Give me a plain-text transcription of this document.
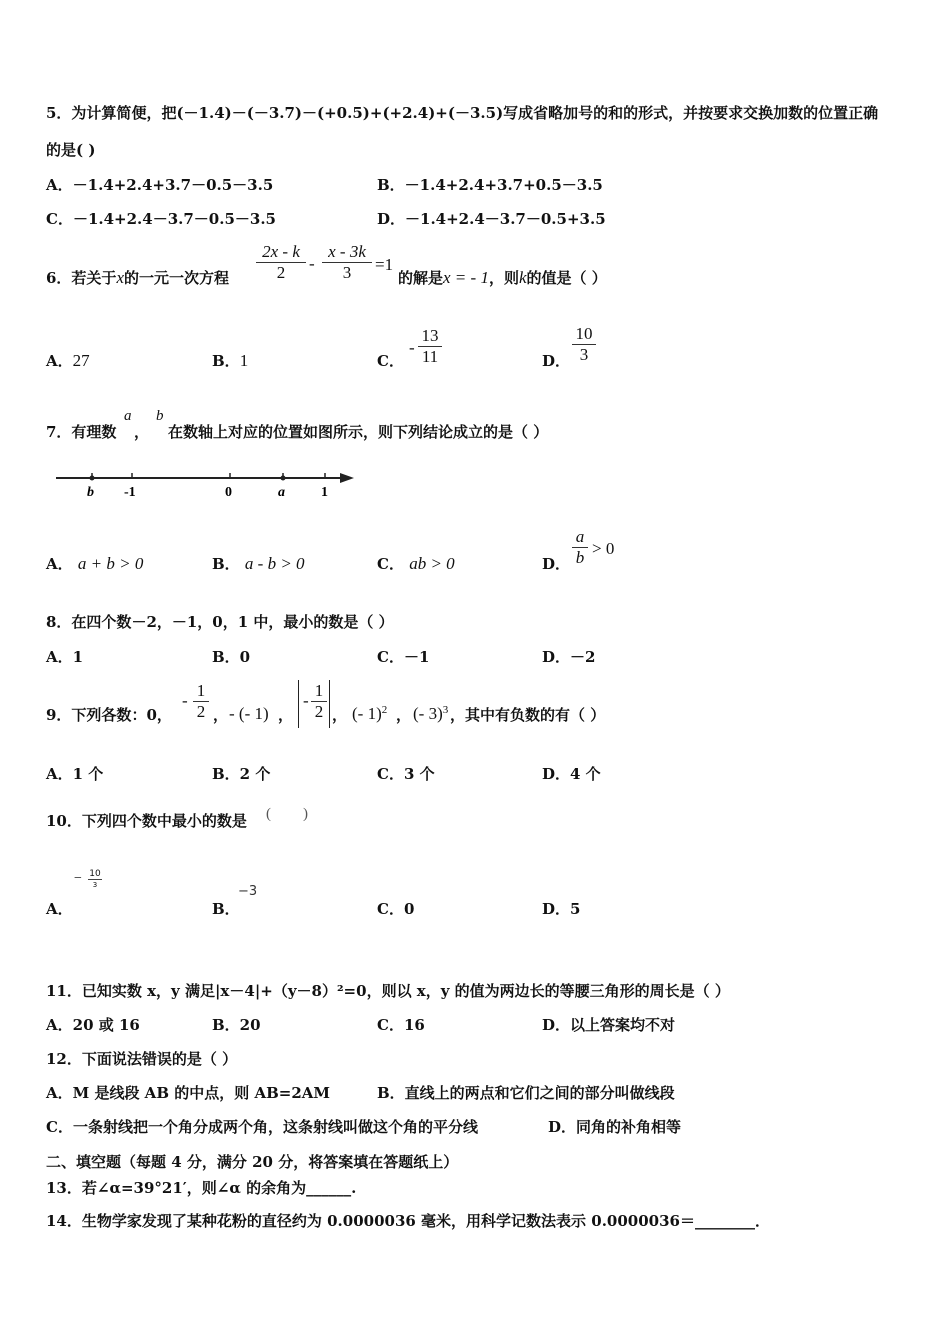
5．为计算简便，把(－1.4)－(－3.7)－(+0.5)+(+2.4)+(－3.5)写成省略加号的和的形式，并按要求交换加数的位置正确
的是( )
A．－1.4+2.4+3.7－0.5－3.5	B．－1.4+2.4+3.7+0.5－3.5
C．－1.4+2.4－3.7－0.5－3.5	D．－1.4+2.4－3.7－0.5+3.5
6．若关于x的一元一次方程
2x - k
2	-
x - 3k
3	=1
的解是x = - 1，则k的值是（ ）
A．27	B．1	C．
-
13
11	D．
10
3
7．有理数
a
，
b
在数轴上对应的位置如图所示，则下列结论成立的是（ ）
b -1	0	a	1
A． a + b > 0	B． a - b > 0	C． ab > 0	D．
a
b > 0
8．在四个数－2，－1，0，1 中，最小的数是（ ）
A．1	B．0	C．－1	D．－2
9．下列各数：0，
-
1
2 ， - (- 1) ，
-
1
2 ， (- 1)$^2$ ， (- 3)$^3$ ，其中有负数的有（ ）
A．1 个	B．2 个	C．3 个	D．4 个
10．下列四个数中最小的数是 ( )
A．
− 10
3
B．
−3
C．0	D．5
11．已知实数 x，y 满足|x－4|+（y－8）²=0，则以 x，y 的值为两边长的等腰三角形的周长是（ ）
A．20 或 16	B．20	C．16	D．以上答案均不对
12．下面说法错误的是（ ）
A．M 是线段 AB 的中点，则 AB=2AM	B．直线上的两点和它们之间的部分叫做线段
C．一条射线把一个角分成两个角，这条射线叫做这个角的平分线	D．同角的补角相等
二、填空题（每题 4 分，满分 20 分，将答案填在答题纸上）
13．若∠α=39°21′，则∠α 的余角为______.
14．生物学家发现了某种花粉的直径约为 0.0000036 毫米，用科学记数法表示 0.0000036＝________．
